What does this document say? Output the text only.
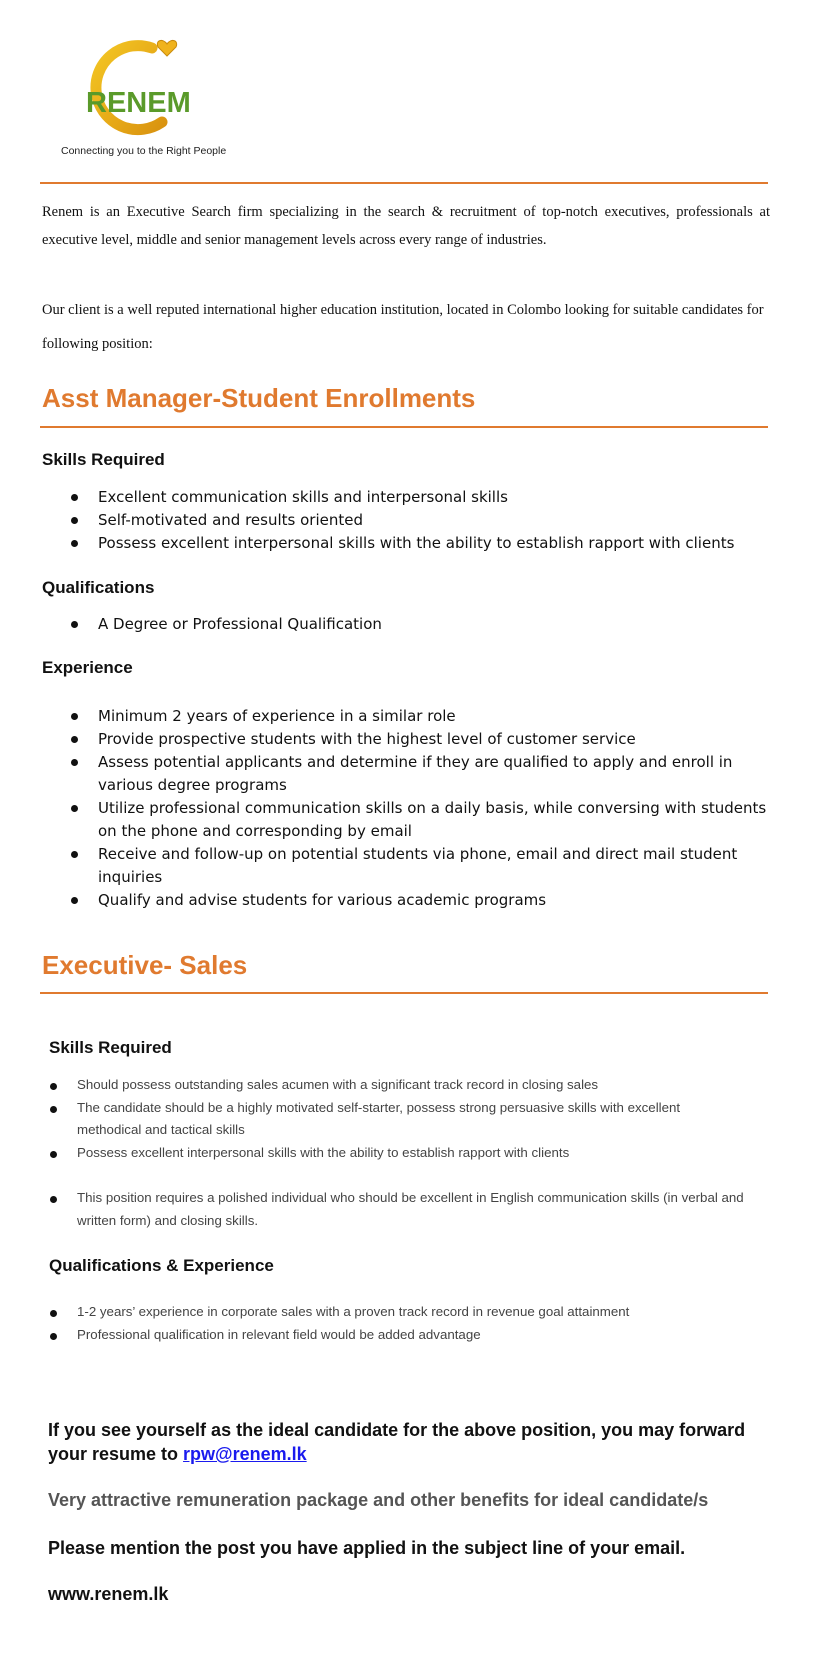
RENEM
Connecting you to the Right People
Renem is an Executive Search firm specializing in the search & recruitment of top-notch executives, professionals at executive level, middle and senior management levels across every range of industries.
Our client is a well reputed international higher education institution, located in Colombo looking for suitable candidates for following position:
Asst Manager-Student Enrollments
Skills Required
Excellent communication skills and interpersonal skills
Self-motivated and results oriented
Possess excellent interpersonal skills with the ability to establish rapport with clients
Qualifications
A Degree or Professional Qualification
Experience
Minimum 2 years of experience in a similar role
Provide prospective students with the highest level of customer service
Assess potential applicants and determine if they are qualified to apply and enroll in various degree programs
Utilize professional communication skills on a daily basis, while conversing with students on the phone and corresponding by email
Receive and follow-up on potential students via phone, email and direct mail student inquiries
Qualify and advise students for various academic programs
Executive- Sales
Skills Required
Should possess outstanding sales acumen with a significant track record in closing sales
The candidate should be a highly motivated self-starter, possess strong persuasive skills with excellent methodical and tactical skills
Possess excellent interpersonal skills with the ability to establish rapport with clients
This position requires a polished individual who should be excellent in English communication skills (in verbal and written form) and closing skills.
Qualifications & Experience
1-2 years’ experience in corporate sales with a proven track record in revenue goal attainment
Professional qualification in relevant field would be added advantage
If you see yourself as the ideal candidate for the above position, you may forward your resume to rpw@renem.lk
Very attractive remuneration package and other benefits for ideal candidate/s
Please mention the post you have applied in the subject line of your email.
www.renem.lk
